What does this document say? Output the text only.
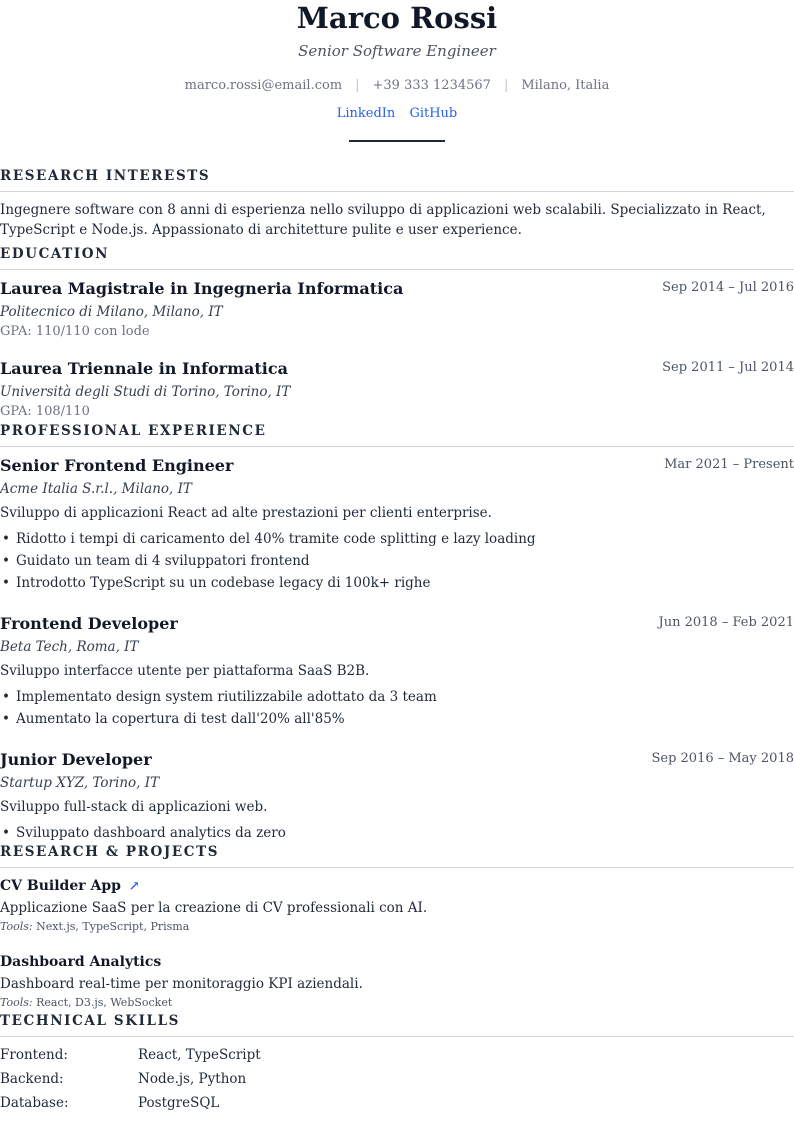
Marco Rossi
Senior Software Engineer
marco.rossi@email.com | +39 333 1234567 | Milano, Italia
LinkedIn GitHub
RESEARCH INTERESTS
Ingegnere software con 8 anni di esperienza nello sviluppo di applicazioni web scalabili. Specializzato in React, TypeScript e Node.js. Appassionato di architetture pulite e user experience.
EDUCATION
Laurea Magistrale in Ingegneria Informatica	Sep 2014 – Jul 2016
Politecnico di Milano, Milano, IT
GPA: 110/110 con lode
Laurea Triennale in Informatica	Sep 2011 – Jul 2014
Università degli Studi di Torino, Torino, IT
GPA: 108/110
PROFESSIONAL EXPERIENCE
Senior Frontend Engineer	Mar 2021 – Present
Acme Italia S.r.l., Milano, IT
Sviluppo di applicazioni React ad alte prestazioni per clienti enterprise.
• Ridotto i tempi di caricamento del 40% tramite code splitting e lazy loading
• Guidato un team di 4 sviluppatori frontend
• Introdotto TypeScript su un codebase legacy di 100k+ righe
Frontend Developer	Jun 2018 – Feb 2021
Beta Tech, Roma, IT
Sviluppo interfacce utente per piattaforma SaaS B2B.
• Implementato design system riutilizzabile adottato da 3 team
• Aumentato la copertura di test dall'20% all'85%
Junior Developer	Sep 2016 – May 2018
Startup XYZ, Torino, IT
Sviluppo full-stack di applicazioni web.
• Sviluppato dashboard analytics da zero
RESEARCH & PROJECTS
CV Builder App ↗
Applicazione SaaS per la creazione di CV professionali con AI.
Tools: Next.js, TypeScript, Prisma
Dashboard Analytics
Dashboard real-time per monitoraggio KPI aziendali.
Tools: React, D3.js, WebSocket
TECHNICAL SKILLS
Frontend:	React, TypeScript
Backend:	Node.js, Python
Database:	PostgreSQL
